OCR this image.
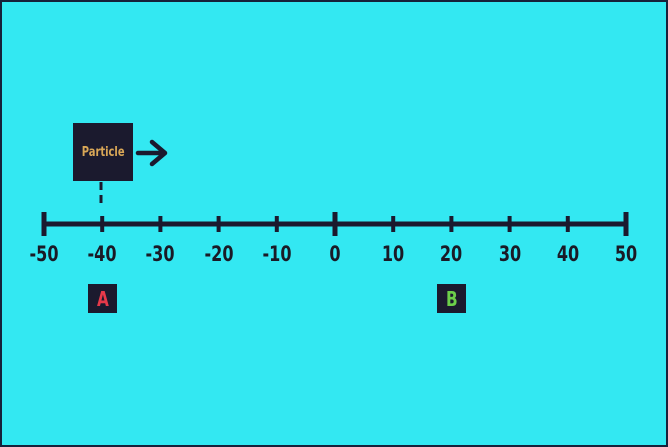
-50 -40 -30 -20 -10	0	10	20	30	40	50
Particle
A	B
